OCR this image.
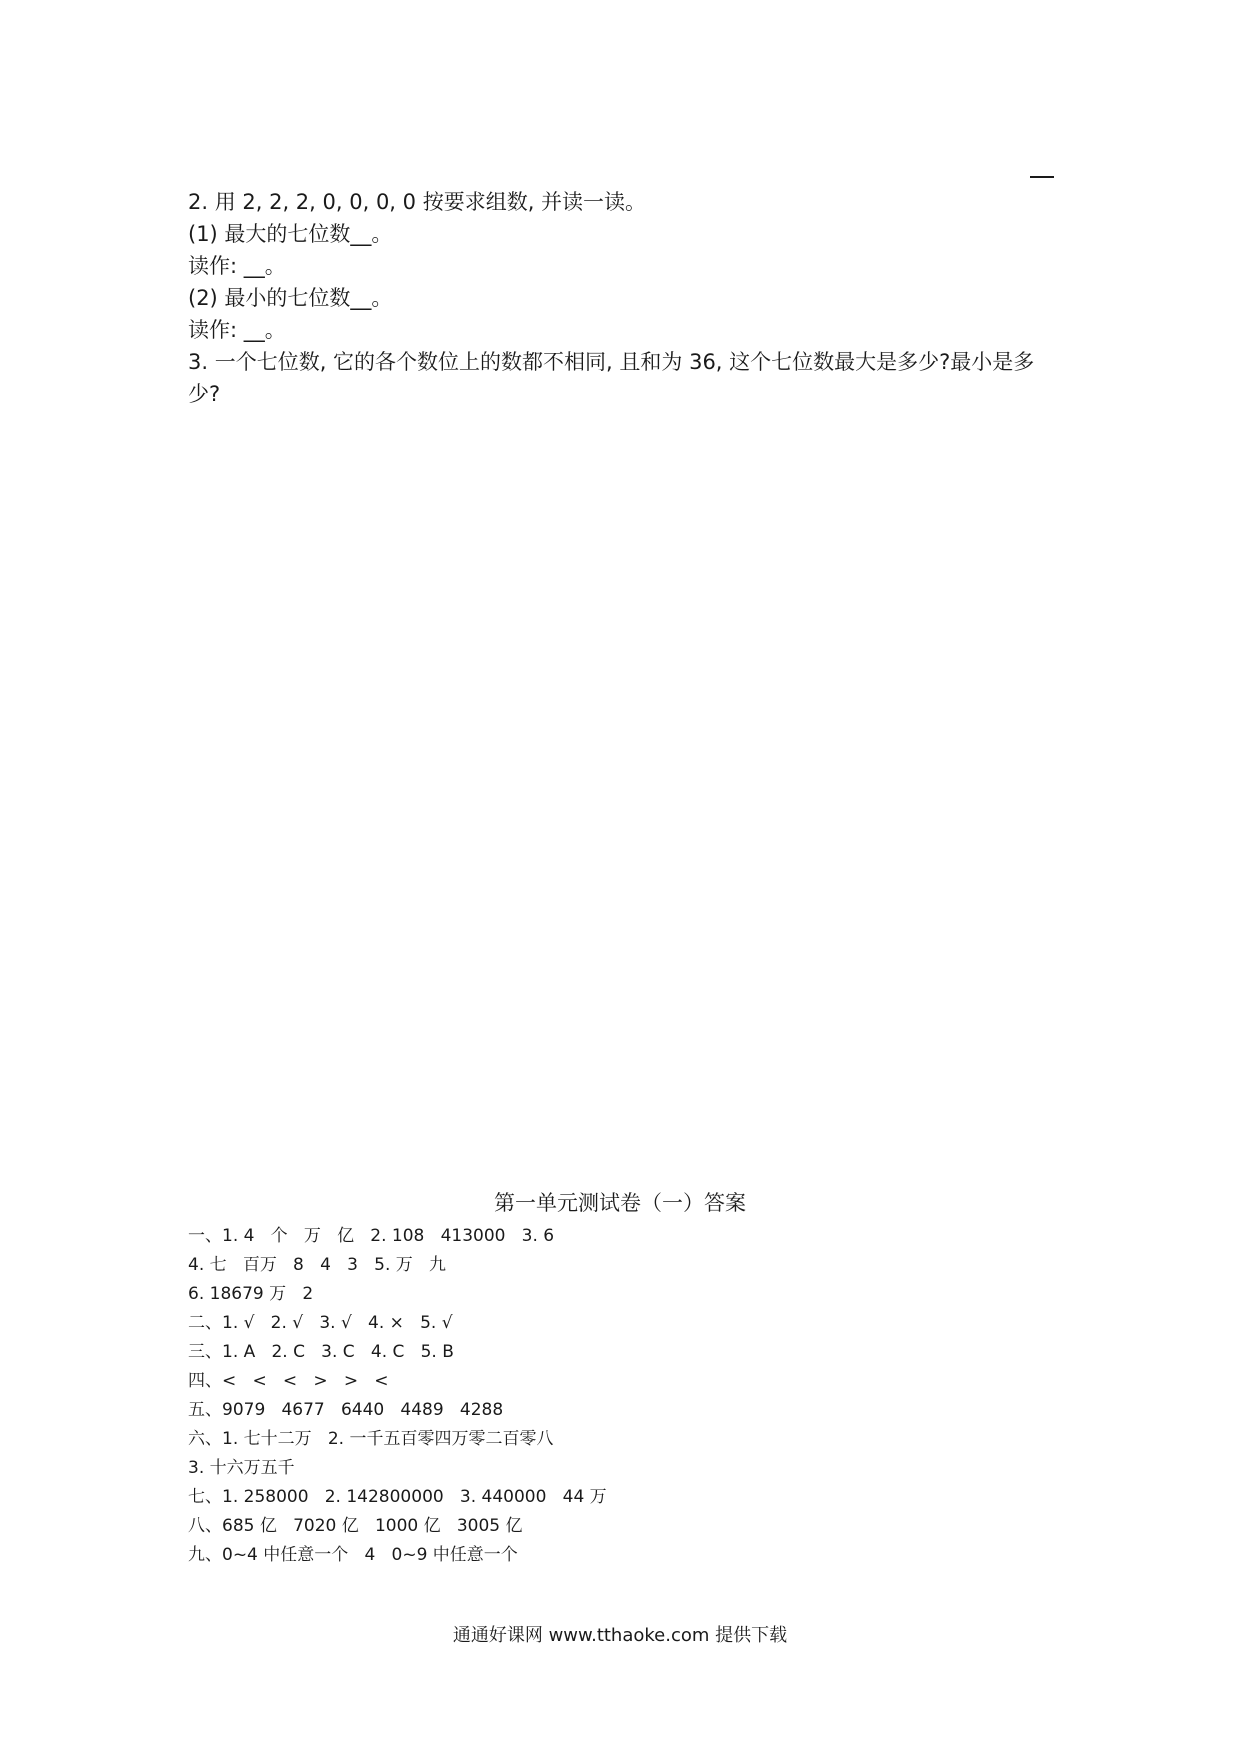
2. 用 2, 2, 2, 0, 0, 0, 0 按要求组数, 并读一读。
(1) 最大的七位数__。
读作: __。
(2) 最小的七位数__。
读作: __。
3. 一个七位数, 它的各个数位上的数都不相同, 且和为 36, 这个七位数最大是多少?最小是多少?
第一单元测试卷（一）答案
一、1. 4   个   万   亿   2. 108   413000   3. 6
4. 七   百万   8   4   3   5. 万   九
6. 18679 万   2
二、1. √   2. √   3. √   4. ×   5. √
三、1. A   2. C   3. C   4. C   5. B
四、<   <   <   >   >   <
五、9079   4677   6440   4489   4288
六、1. 七十二万   2. 一千五百零四万零二百零八
3. 十六万五千
七、1. 258000   2. 142800000   3. 440000   44 万
八、685 亿   7020 亿   1000 亿   3005 亿
九、0~4 中任意一个   4   0~9 中任意一个
通通好课网 www.tthaoke.com 提供下载
